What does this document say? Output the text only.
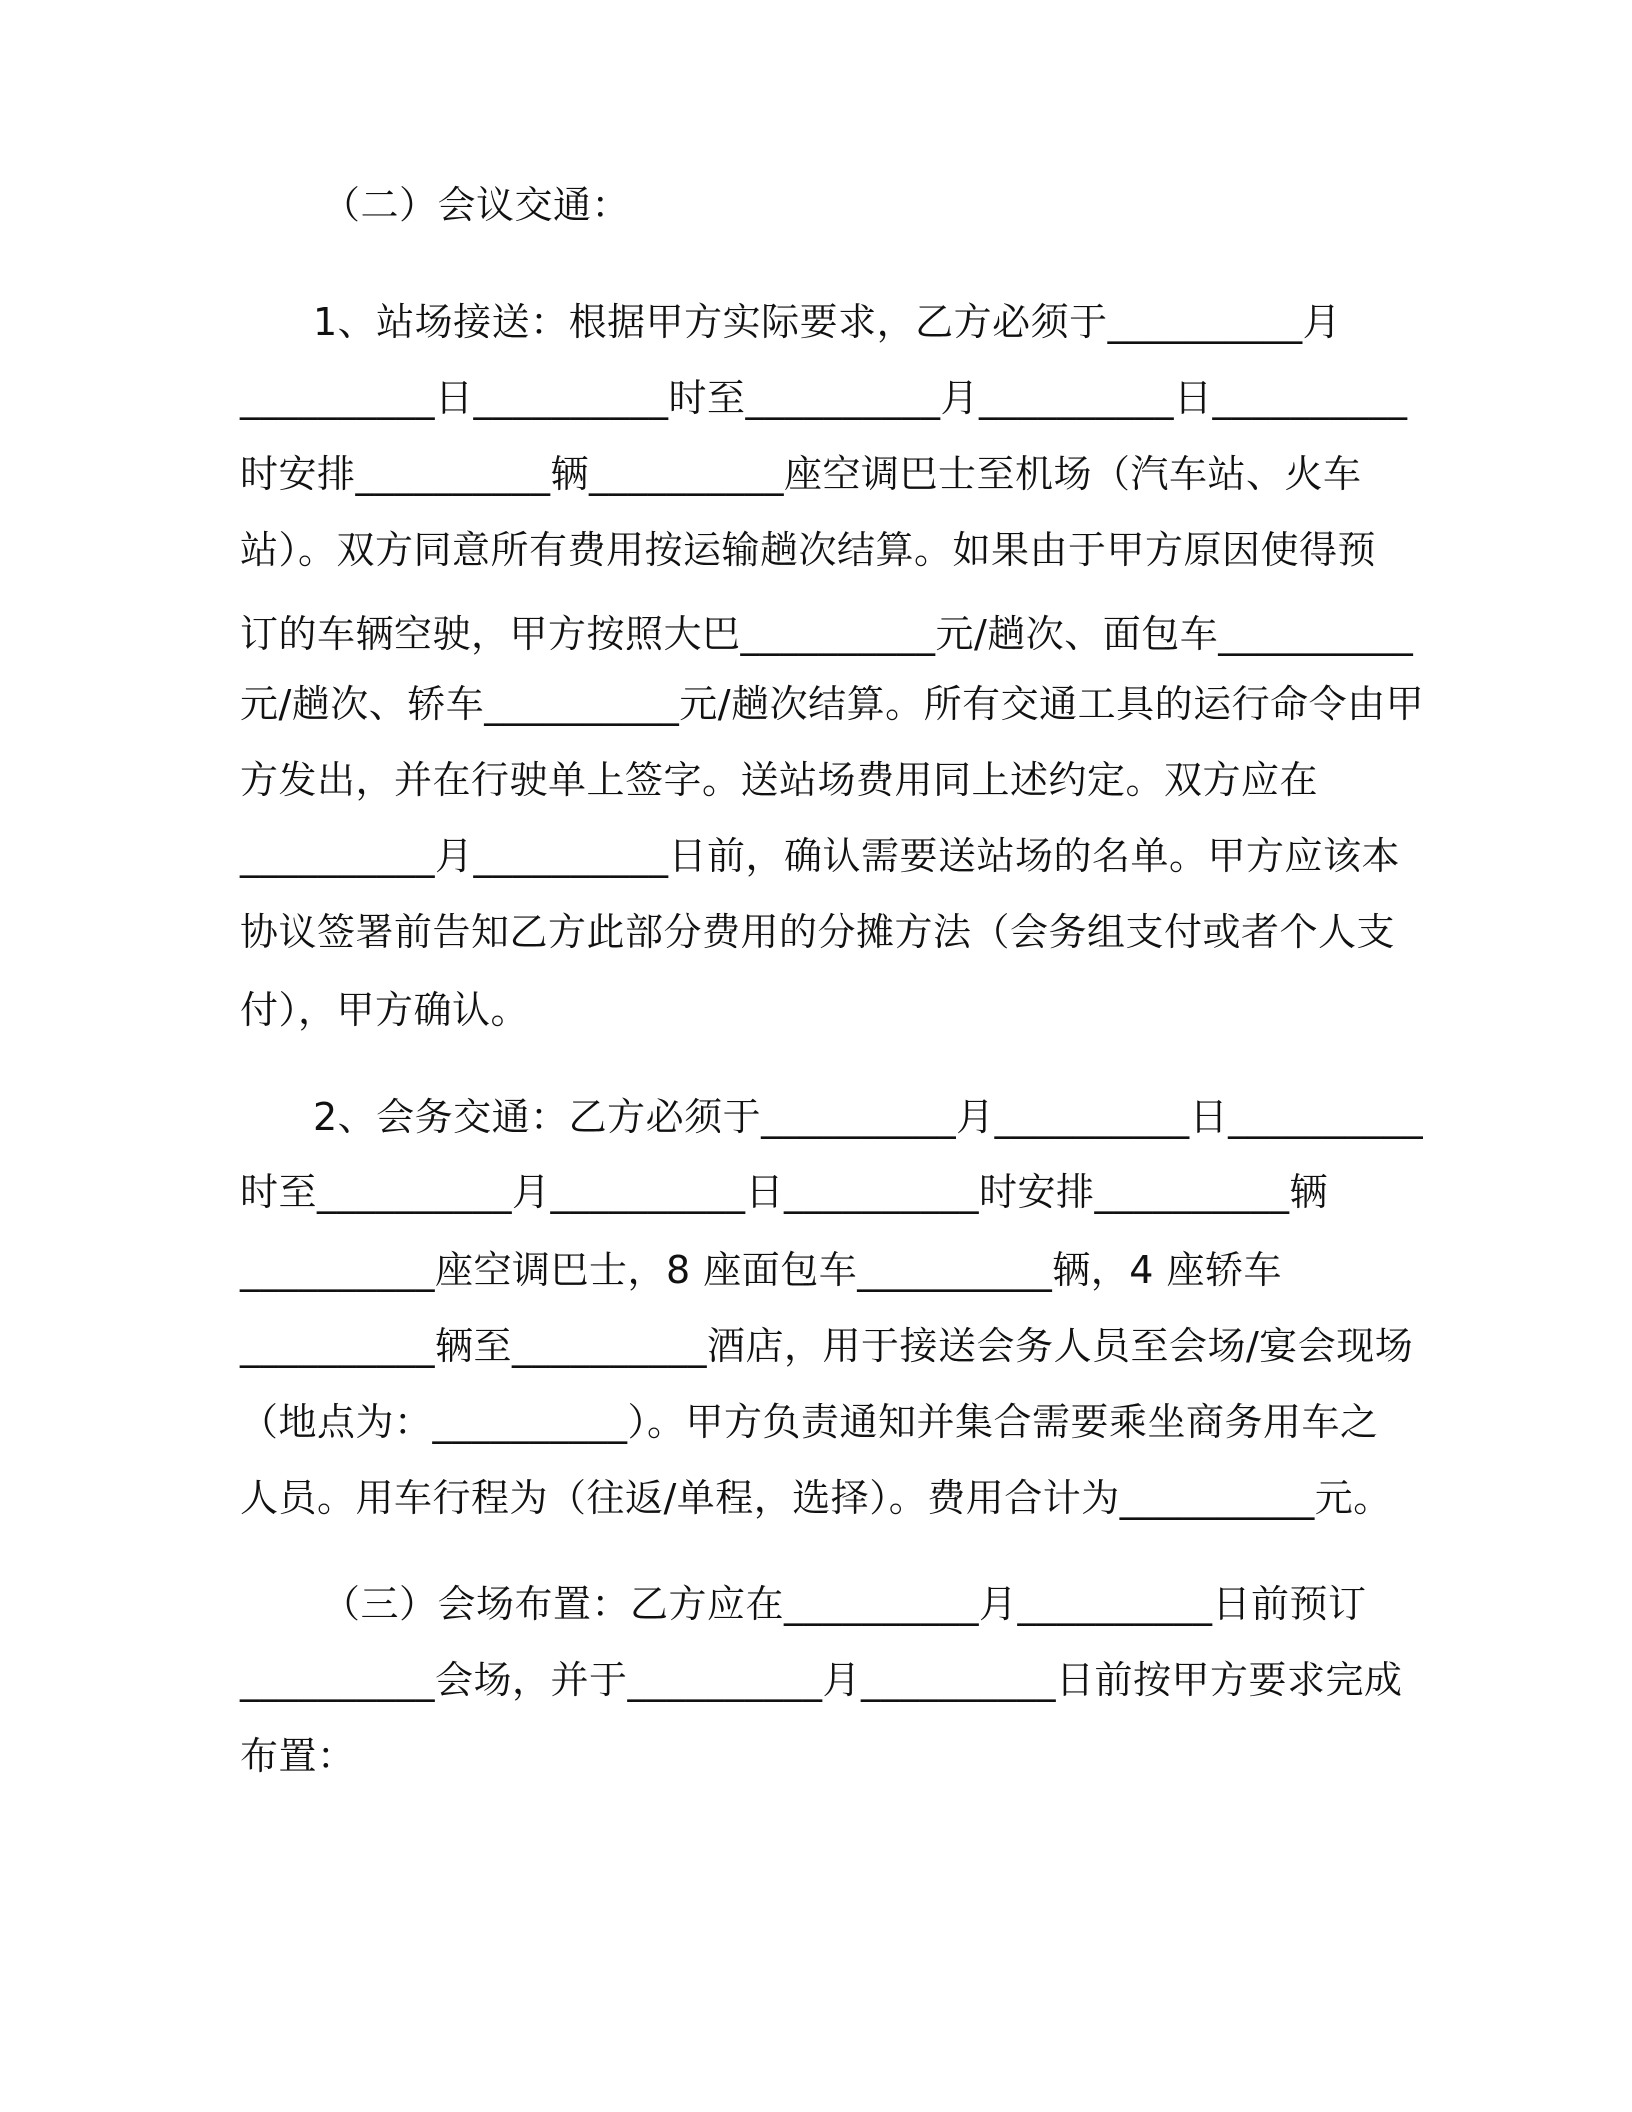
（二）会议交通：
1、站场接送：根据甲方实际要求，乙方必须于__________月
__________日__________时至__________月__________日__________
时安排__________辆__________座空调巴士至机场（汽车站、火车
站）。双方同意所有费用按运输趟次结算。如果由于甲方原因使得预
订的车辆空驶，甲方按照大巴__________元/趟次、面包车__________
元/趟次、轿车__________元/趟次结算。所有交通工具的运行命令由甲
方发出，并在行驶单上签字。送站场费用同上述约定。双方应在
__________月__________日前，确认需要送站场的名单。甲方应该本
协议签署前告知乙方此部分费用的分摊方法（会务组支付或者个人支
付），甲方确认。
2、会务交通：乙方必须于__________月__________日__________
时至__________月__________日__________时安排__________辆
__________座空调巴士，8 座面包车__________辆，4 座轿车
__________辆至__________酒店，用于接送会务人员至会场/宴会现场
（地点为：__________）。甲方负责通知并集合需要乘坐商务用车之
人员。用车行程为（往返/单程，选择）。费用合计为__________元。
（三）会场布置：乙方应在__________月__________日前预订
__________会场，并于__________月__________日前按甲方要求完成
布置：
